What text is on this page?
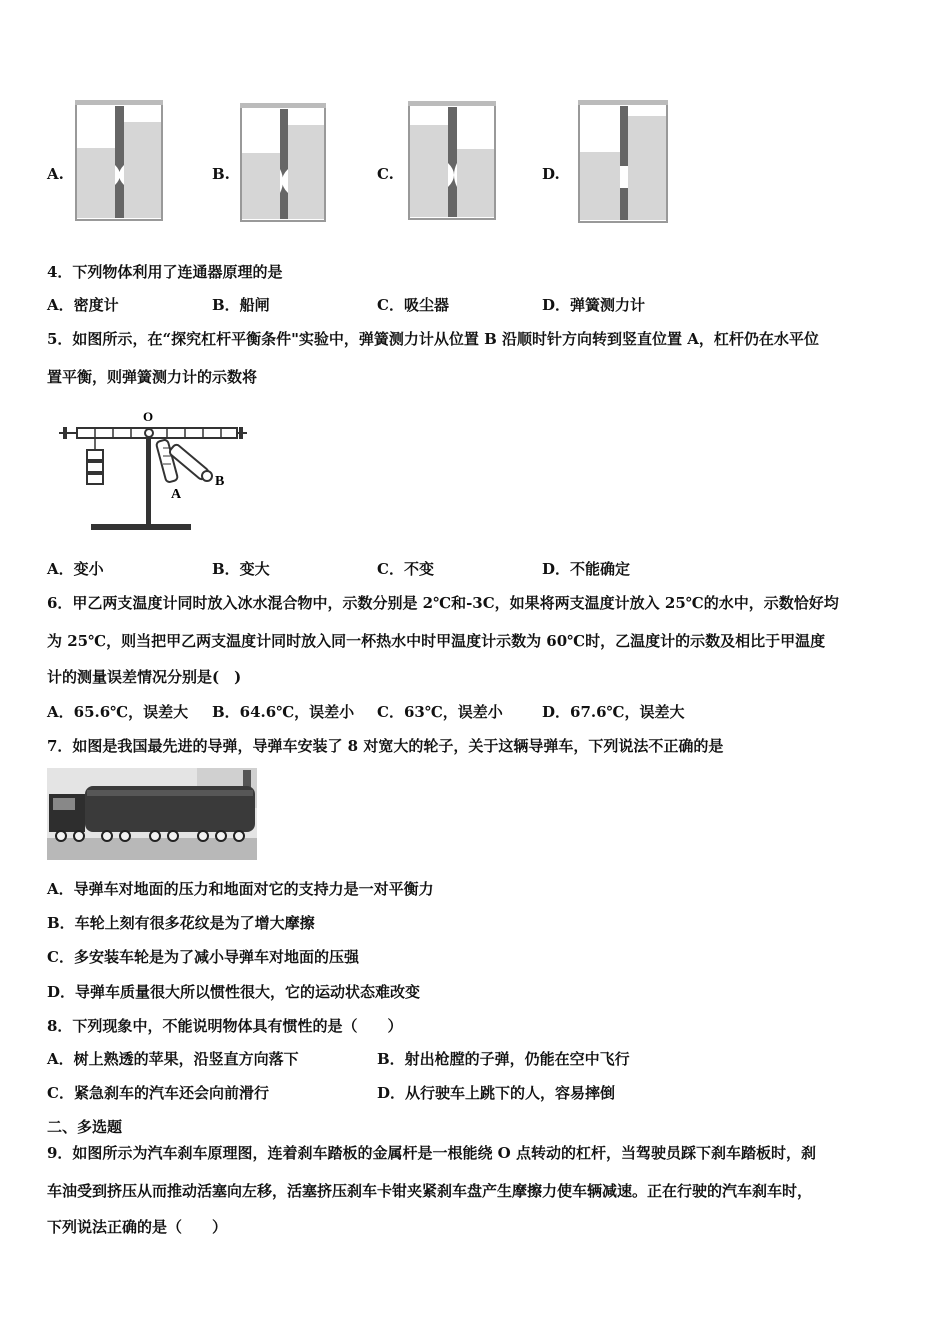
A.	B.	C.	D.
4．下列物体利用了连通器原理的是
A．密度计	B．船闸	C．吸尘器	D．弹簧测力计
5．如图所示，在“探究杠杆平衡条件"实验中，弹簧测力计从位置 B 沿顺时针方向转到竖直位置 A，杠杆仍在水平位
置平衡，则弹簧测力计的示数将
O
A
B
A．变小	B．变大	C．不变	D．不能确定
6．甲乙两支温度计同时放入冰水混合物中，示数分别是 2℃和-3C，如果将两支温度计放入 25℃的水中，示数恰好均
为 25℃，则当把甲乙两支温度计同时放入同一杯热水中时甲温度计示数为 60℃时，乙温度计的示数及相比于甲温度
计的测量误差情况分别是(　)
A．65.6℃，误差大 B．64.6℃，误差小 C．63℃，误差小	D．67.6℃，误差大
7．如图是我国最先进的导弹，导弹车安装了 8 对宽大的轮子，关于这辆导弹车，下列说法不正确的是
A．导弹车对地面的压力和地面对它的支持力是一对平衡力
B．车轮上刻有很多花纹是为了增大摩擦
C．多安装车轮是为了减小导弹车对地面的压强
D．导弹车质量很大所以惯性很大，它的运动状态难改变
8．下列现象中，不能说明物体具有惯性的是（　　）
A．树上熟透的苹果，沿竖直方向落下	B．射出枪膛的子弹，仍能在空中飞行
C．紧急刹车的汽车还会向前滑行	D．从行驶车上跳下的人，容易摔倒
二、多选题
9．如图所示为汽车刹车原理图，连着刹车踏板的金属杆是一根能绕 O 点转动的杠杆，当驾驶员踩下刹车踏板时，刹
车油受到挤压从而推动活塞向左移，活塞挤压刹车卡钳夹紧刹车盘产生摩擦力使车辆减速。正在行驶的汽车刹车时，
下列说法正确的是（　　）
